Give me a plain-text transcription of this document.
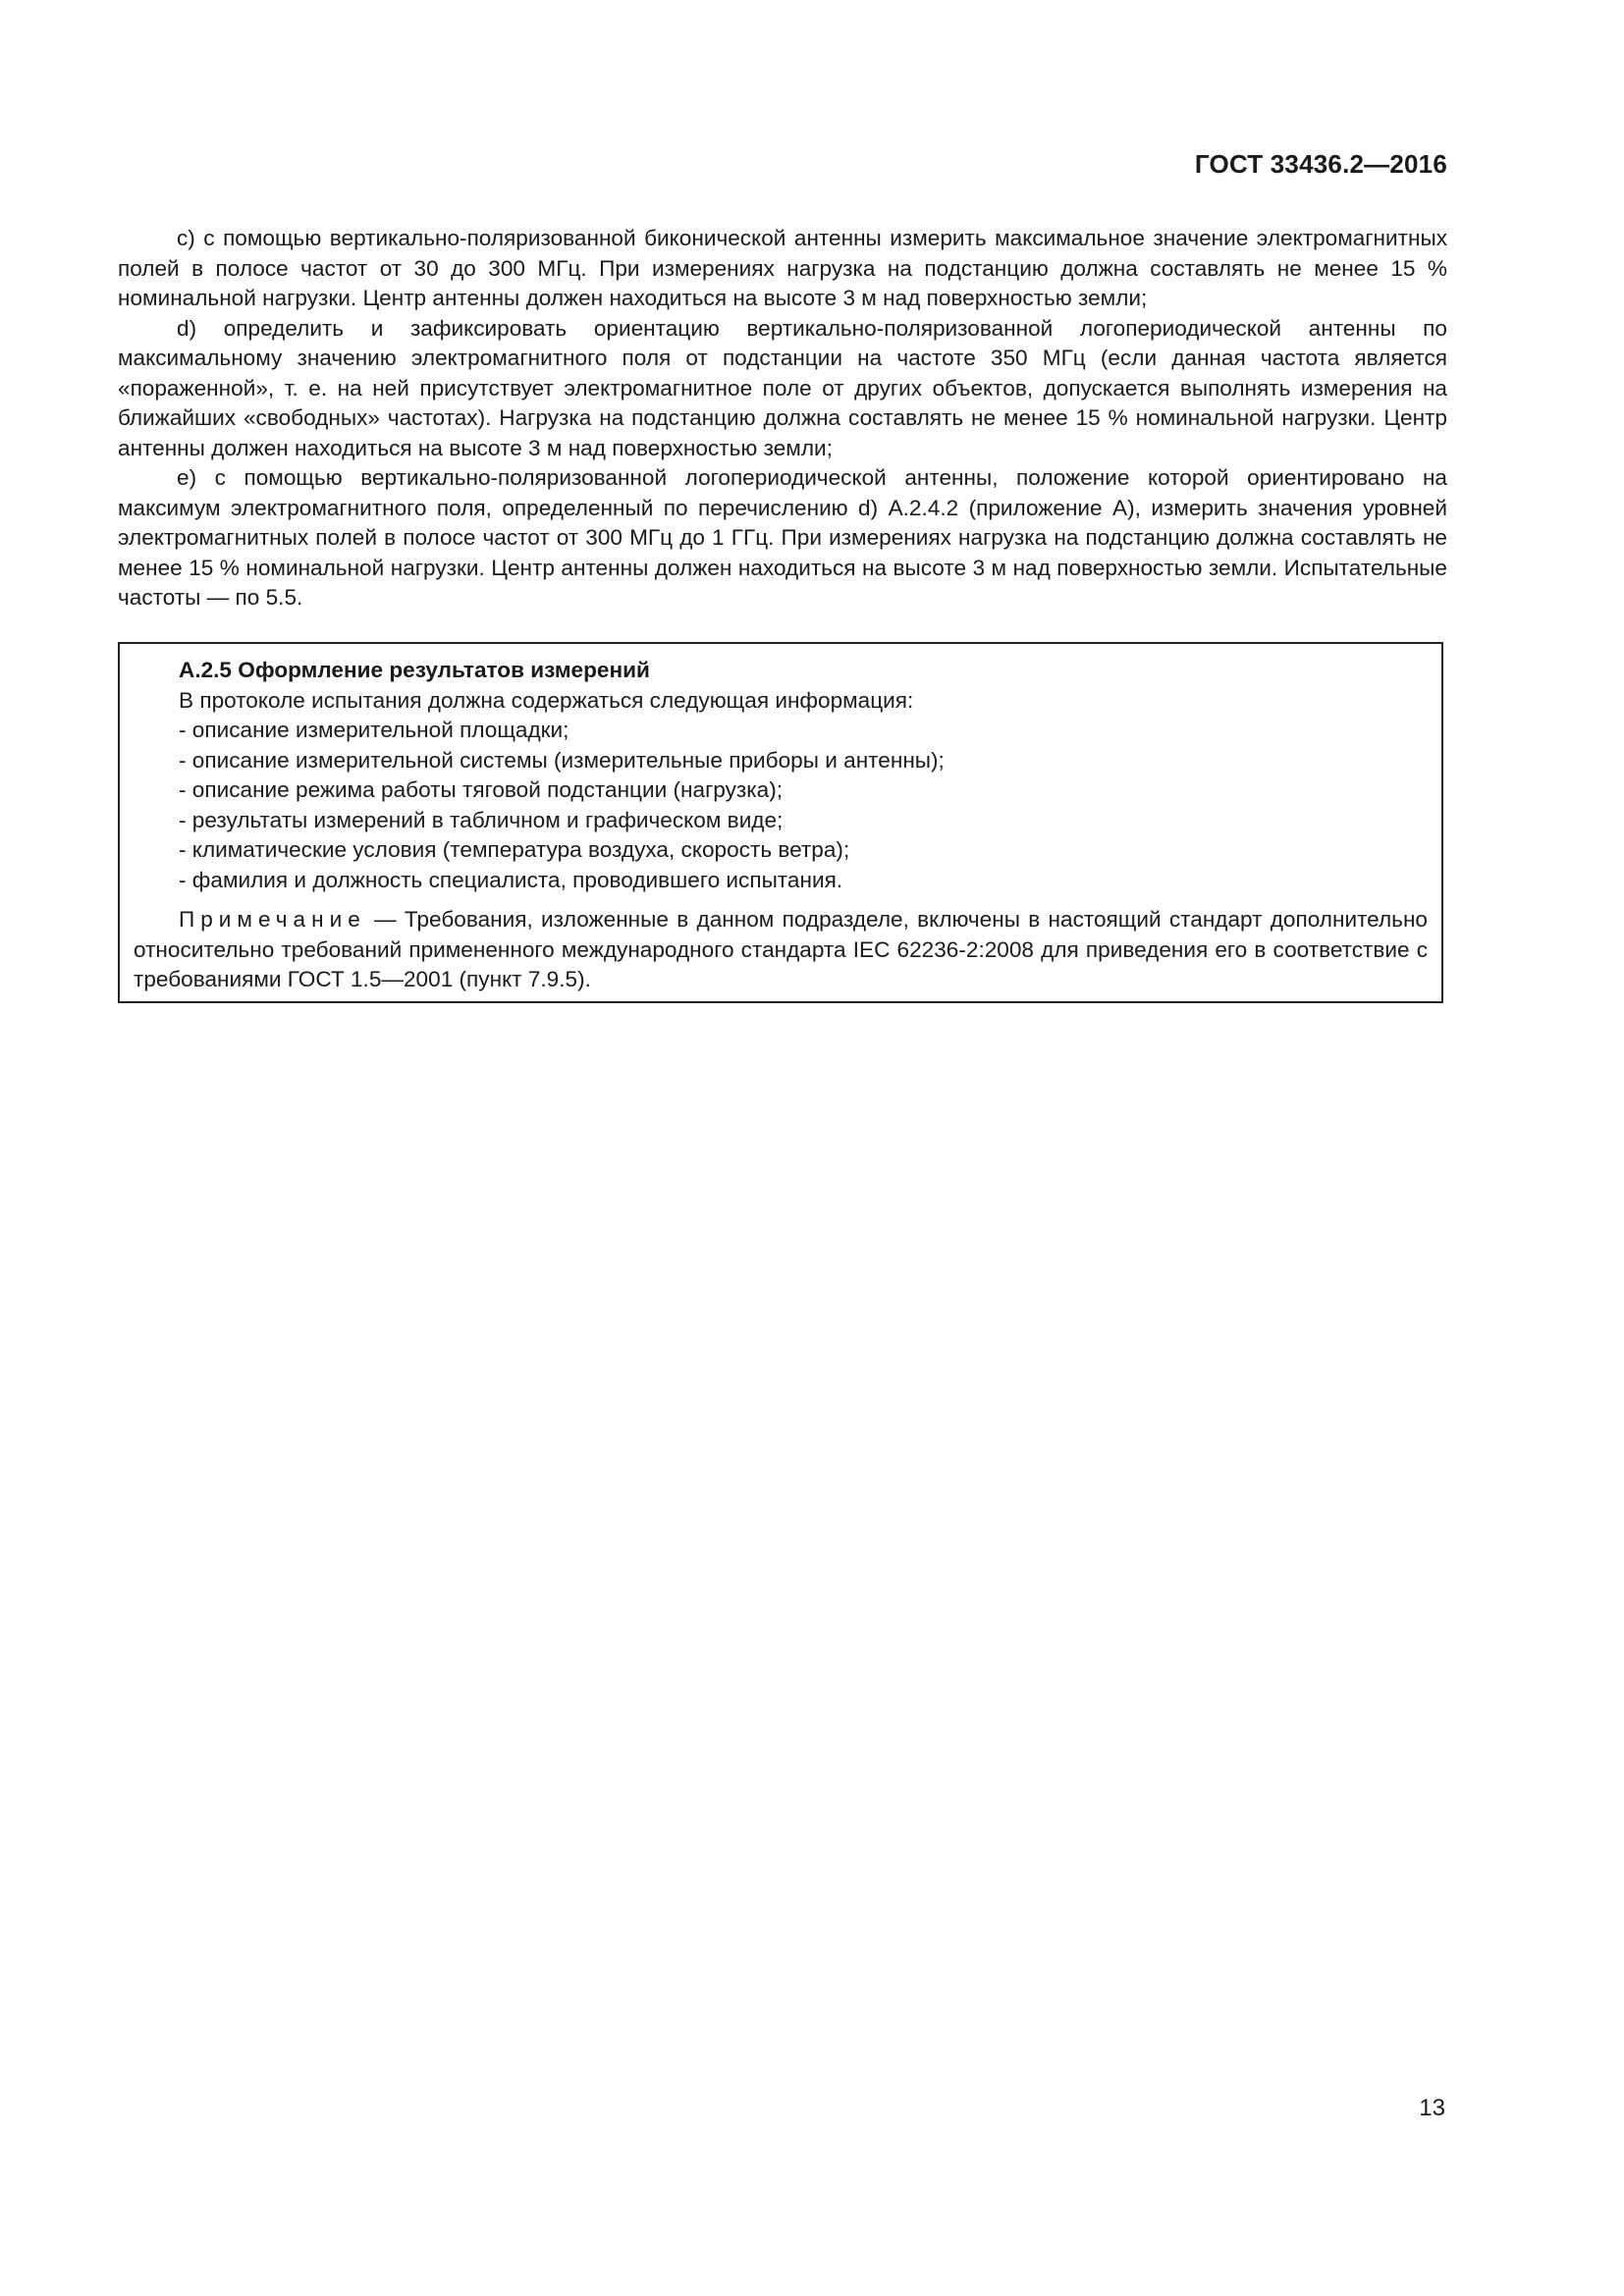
ГОСТ 33436.2—2016

с) с помощью вертикально-поляризованной биконической антенны измерить максимальное значение электромагнитных полей в полосе частот от 30 до 300 МГц. При измерениях нагрузка на подстанцию должна составлять не менее 15 % номинальной нагрузки. Центр антенны должен находиться на высоте 3 м над поверхностью земли;

d) определить и зафиксировать ориентацию вертикально-поляризованной логопериодической антенны по максимальному значению электромагнитного поля от подстанции на частоте 350 МГц (если данная частота является «пораженной», т. е. на ней присутствует электромагнитное поле от других объектов, допускается выполнять измерения на ближайших «свободных» частотах). Нагрузка на подстанцию должна составлять не менее 15 % номинальной нагрузки. Центр антенны должен находиться на высоте 3 м над поверхностью земли;

е) с помощью вертикально-поляризованной логопериодической антенны, положение которой ориентировано на максимум электромагнитного поля, определенный по перечислению d) А.2.4.2 (приложение А), измерить значения уровней электромагнитных полей в полосе частот от 300 МГц до 1 ГГц. При измерениях нагрузка на подстанцию должна составлять не менее 15 % номинальной нагрузки. Центр антенны должен находиться на высоте 3 м над поверхностью земли. Испытательные частоты — по 5.5.

А.2.5 Оформление результатов измерений

В протоколе испытания должна содержаться следующая информация:

- описание измерительной площадки;
- описание измерительной системы (измерительные приборы и антенны);
- описание режима работы тяговой подстанции (нагрузка);
- результаты измерений в табличном и графическом виде;
- климатические условия (температура воздуха, скорость ветра);
- фамилия и должность специалиста, проводившего испытания.

Примечание — Требования, изложенные в данном подразделе, включены в настоящий стандарт дополнительно относительно требований примененного международного стандарта IEC 62236-2:2008 для приведения его в соответствие с требованиями ГОСТ 1.5—2001 (пункт 7.9.5).

13
